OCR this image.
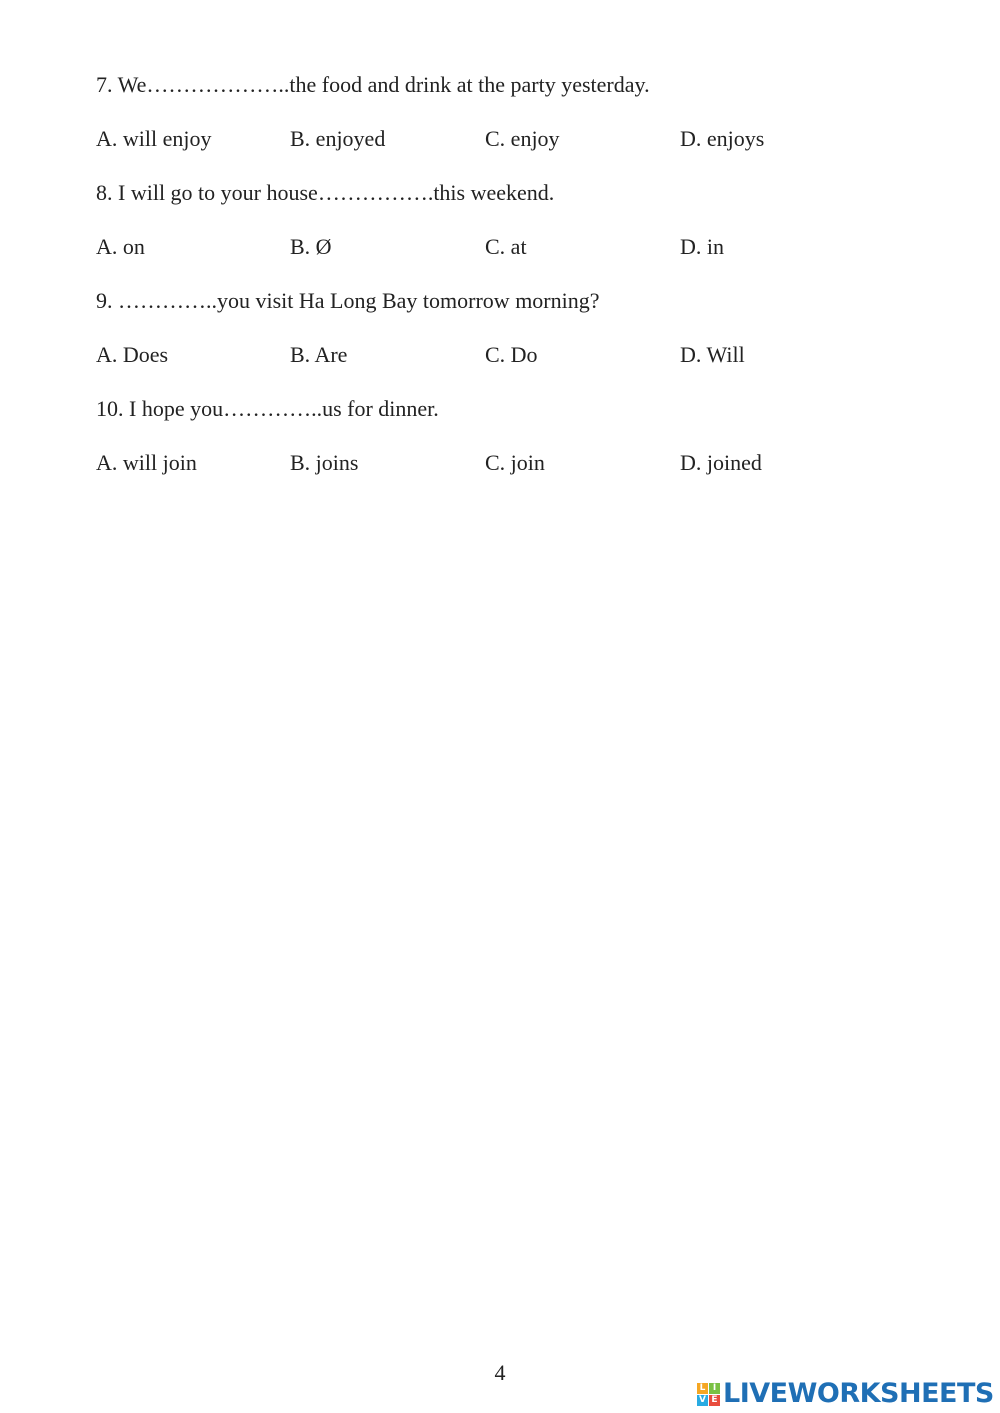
7. We………………..the food and drink at the party yesterday.
A. will enjoy	B. enjoyed	C. enjoy	D. enjoys
8. I will go to your house…………….this weekend.
A. on	B. Ø	C. at	D. in
9. …………..you visit Ha Long Bay tomorrow morning?
A. Does	B. Are	C. Do	D. Will
10. I hope you…………..us for dinner.
A. will join	B. joins	C. join	D. joined
4
L I
V E LIVEWORKSHEETS
